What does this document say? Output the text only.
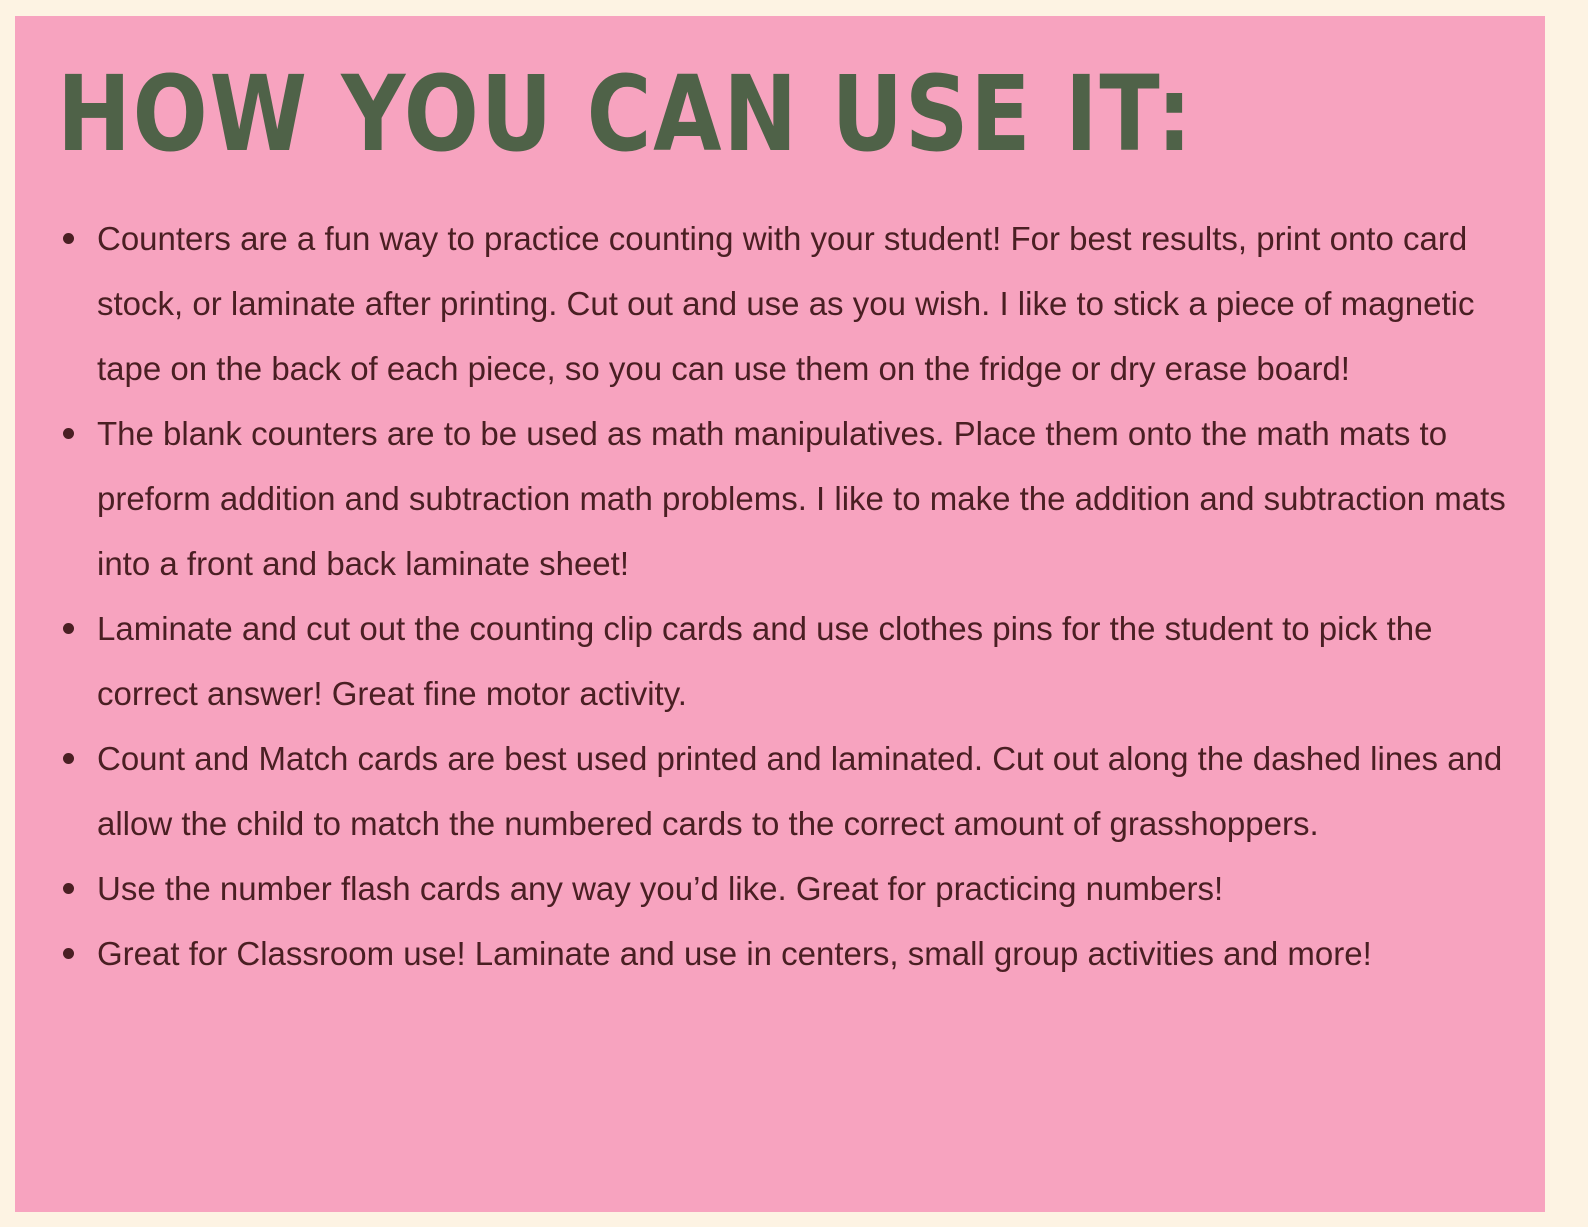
HOW YOU CAN USE IT:
Counters are a fun way to practice counting with your student! For best results, print onto card stock, or laminate after printing. Cut out and use as you wish. I like to stick a piece of magnetic tape on the back of each piece, so you can use them on the fridge or dry erase board!
The blank counters are to be used as math manipulatives. Place them onto the math mats to preform addition and subtraction math problems. I like to make the addition and subtraction mats into a front and back laminate sheet!
Laminate and cut out the counting clip cards and use clothes pins for the student to pick the correct answer! Great fine motor activity.
Count and Match cards are best used printed and laminated. Cut out along the dashed lines and allow the child to match the numbered cards to the correct amount of grasshoppers.
Use the number flash cards any way you’d like. Great for practicing numbers!
Great for Classroom use! Laminate and use in centers, small group activities and more!
